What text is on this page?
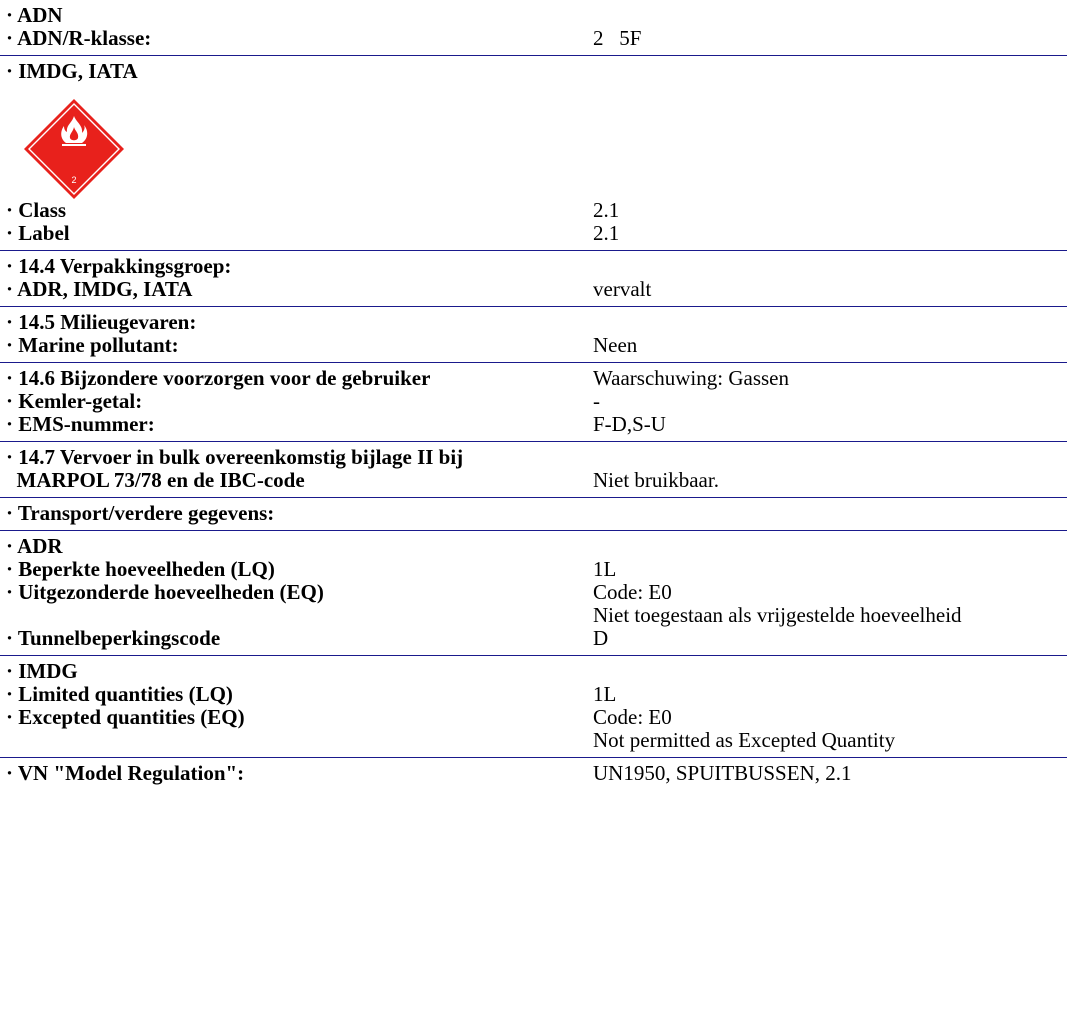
· ADN
· ADN/R-klasse:	2   5F
· IMDG, IATA
2
· Class	2.1
· Label	2.1
· 14.4 Verpakkingsgroep:
· ADR, IMDG, IATA	vervalt
· 14.5 Milieugevaren:
· Marine pollutant:	Neen
· 14.6 Bijzondere voorzorgen voor de gebruiker	Waarschuwing: Gassen
· Kemler-getal:	-
· EMS-nummer:	F-D,S-U
· 14.7 Vervoer in bulk overeenkomstig bijlage II bij
MARPOL 73/78 en de IBC-code	Niet bruikbaar.
· Transport/verdere gegevens:
· ADR
· Beperkte hoeveelheden (LQ)	1L
· Uitgezonderde hoeveelheden (EQ)	Code: E0
Niet toegestaan als vrijgestelde hoeveelheid
· Tunnelbeperkingscode	D
· IMDG
· Limited quantities (LQ)	1L
· Excepted quantities (EQ)	Code: E0
Not permitted as Excepted Quantity
· VN "Model Regulation":	UN1950, SPUITBUSSEN, 2.1
